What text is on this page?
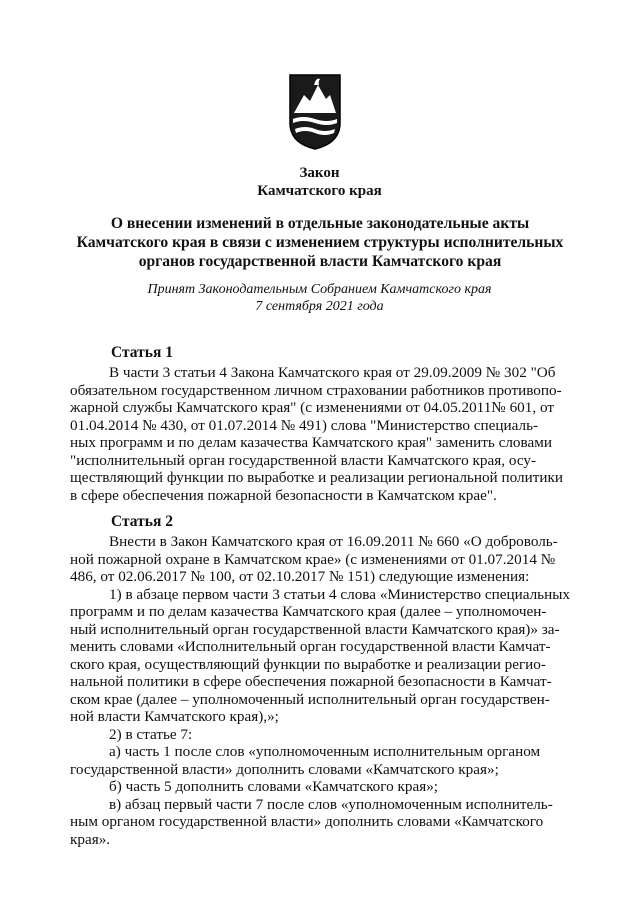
Закон
Камчатского края
О внесении изменений в отдельные законодательные акты
Камчатского края в связи с изменением структуры исполнительных
органов государственной власти Камчатского края
Принят Законодательным Собранием Камчатского края
7 сентября 2021 года
Статья 1
В части 3 статьи 4 Закона Камчатского края от 29.09.2009 № 302 "Об
обязательном государственном личном страховании работников противопо-
жарной службы Камчатского края" (с изменениями от 04.05.2011№ 601, от
01.04.2014 № 430, от 01.07.2014 № 491) слова "Министерство специаль-
ных программ и по делам казачества Камчатского края" заменить словами
"исполнительный орган государственной власти Камчатского края, осу-
ществляющий функции по выработке и реализации региональной политики
в сфере обеспечения пожарной безопасности в Камчатском крае".
Статья 2
Внести в Закон Камчатского края от 16.09.2011 № 660 «О доброволь-
ной пожарной охране в Камчатском крае» (с изменениями от 01.07.2014 №
486, от 02.06.2017 № 100, от 02.10.2017 № 151) следующие изменения:
1) в абзаце первом части 3 статьи 4 слова «Министерство специальных
программ и по делам казачества Камчатского края (далее – уполномочен-
ный исполнительный орган государственной власти Камчатского края)» за-
менить словами «Исполнительный орган государственной власти Камчат-
ского края, осуществляющий функции по выработке и реализации регио-
нальной политики в сфере обеспечения пожарной безопасности в Камчат-
ском крае (далее – уполномоченный исполнительный орган государствен-
ной власти Камчатского края),»;
2) в статье 7:
а) часть 1 после слов «уполномоченным исполнительным органом
государственной власти» дополнить словами «Камчатского края»;
б) часть 5 дополнить словами «Камчатского края»;
в) абзац первый части 7 после слов «уполномоченным исполнитель-
ным органом государственной власти» дополнить словами «Камчатского
края».
